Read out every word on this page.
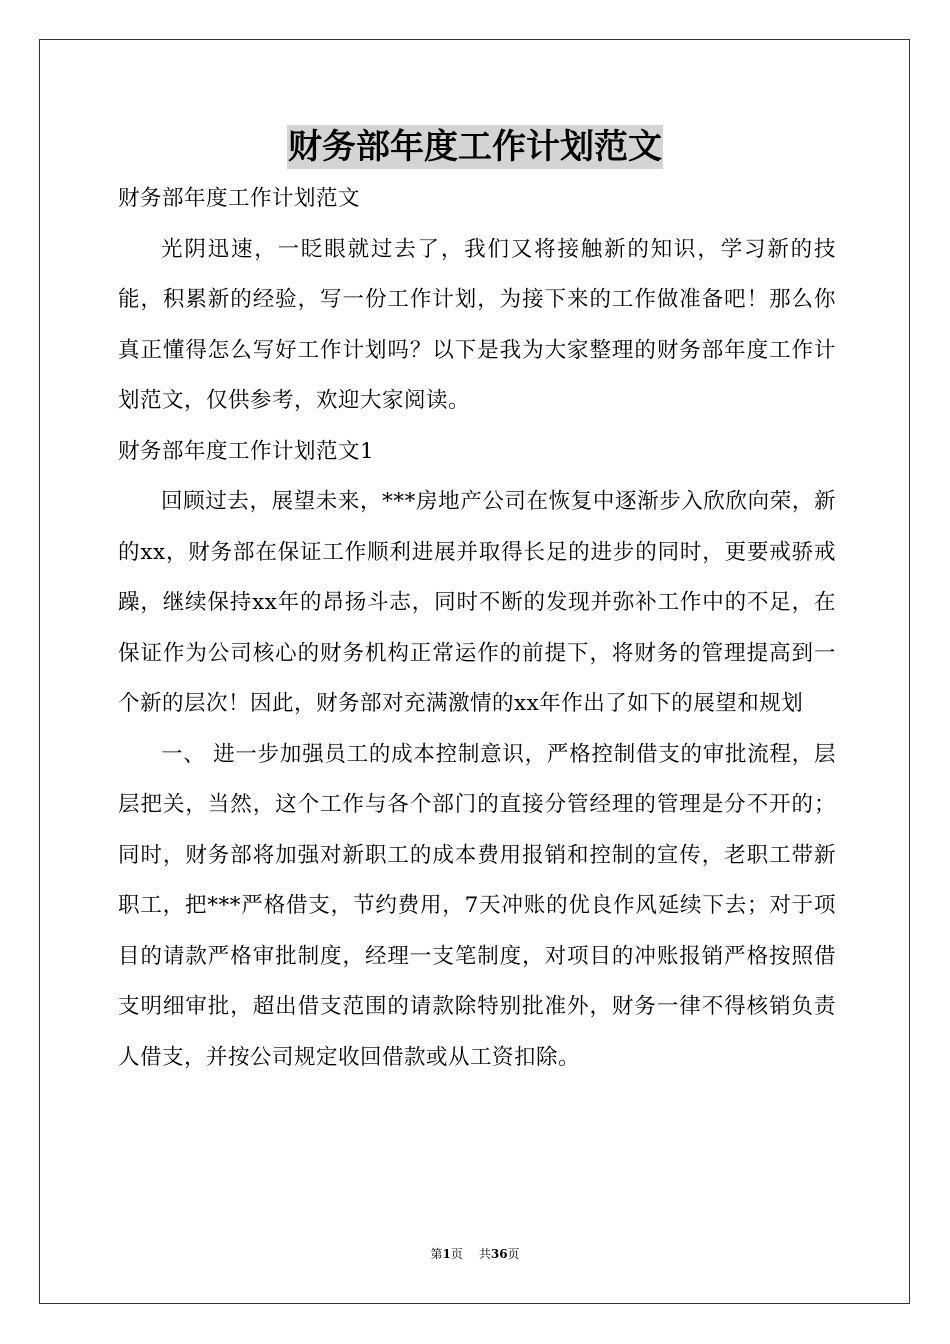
财务部年度工作计划范文

财务部年度工作计划范文

光阴迅速，一眨眼就过去了，我们又将接触新的知识，学习新的技能，积累新的经验，写一份工作计划，为接下来的工作做准备吧！那么你真正懂得怎么写好工作计划吗？以下是我为大家整理的财务部年度工作计划范文，仅供参考，欢迎大家阅读。

财务部年度工作计划范文1

回顾过去，展望未来，***房地产公司在恢复中逐渐步入欣欣向荣，新的xx，财务部在保证工作顺利进展并取得长足的进步的同时，更要戒骄戒躁，继续保持xx年的昂扬斗志，同时不断的发现并弥补工作中的不足，在保证作为公司核心的财务机构正常运作的前提下，将财务的管理提高到一个新的层次！因此，财务部对充满激情的xx年作出了如下的展望和规划

一、 进一步加强员工的成本控制意识，严格控制借支的审批流程，层层把关，当然，这个工作与各个部门的直接分管经理的管理是分不开的；同时，财务部将加强对新职工的成本费用报销和控制的宣传，老职工带新职工，把***严格借支，节约费用，7天冲账的优良作风延续下去；对于项目的请款严格审批制度，经理一支笔制度，对项目的冲账报销严格按照借支明细审批，超出借支范围的请款除特别批准外，财务一律不得核销负责人借支，并按公司规定收回借款或从工资扣除。

第1页 共36页
